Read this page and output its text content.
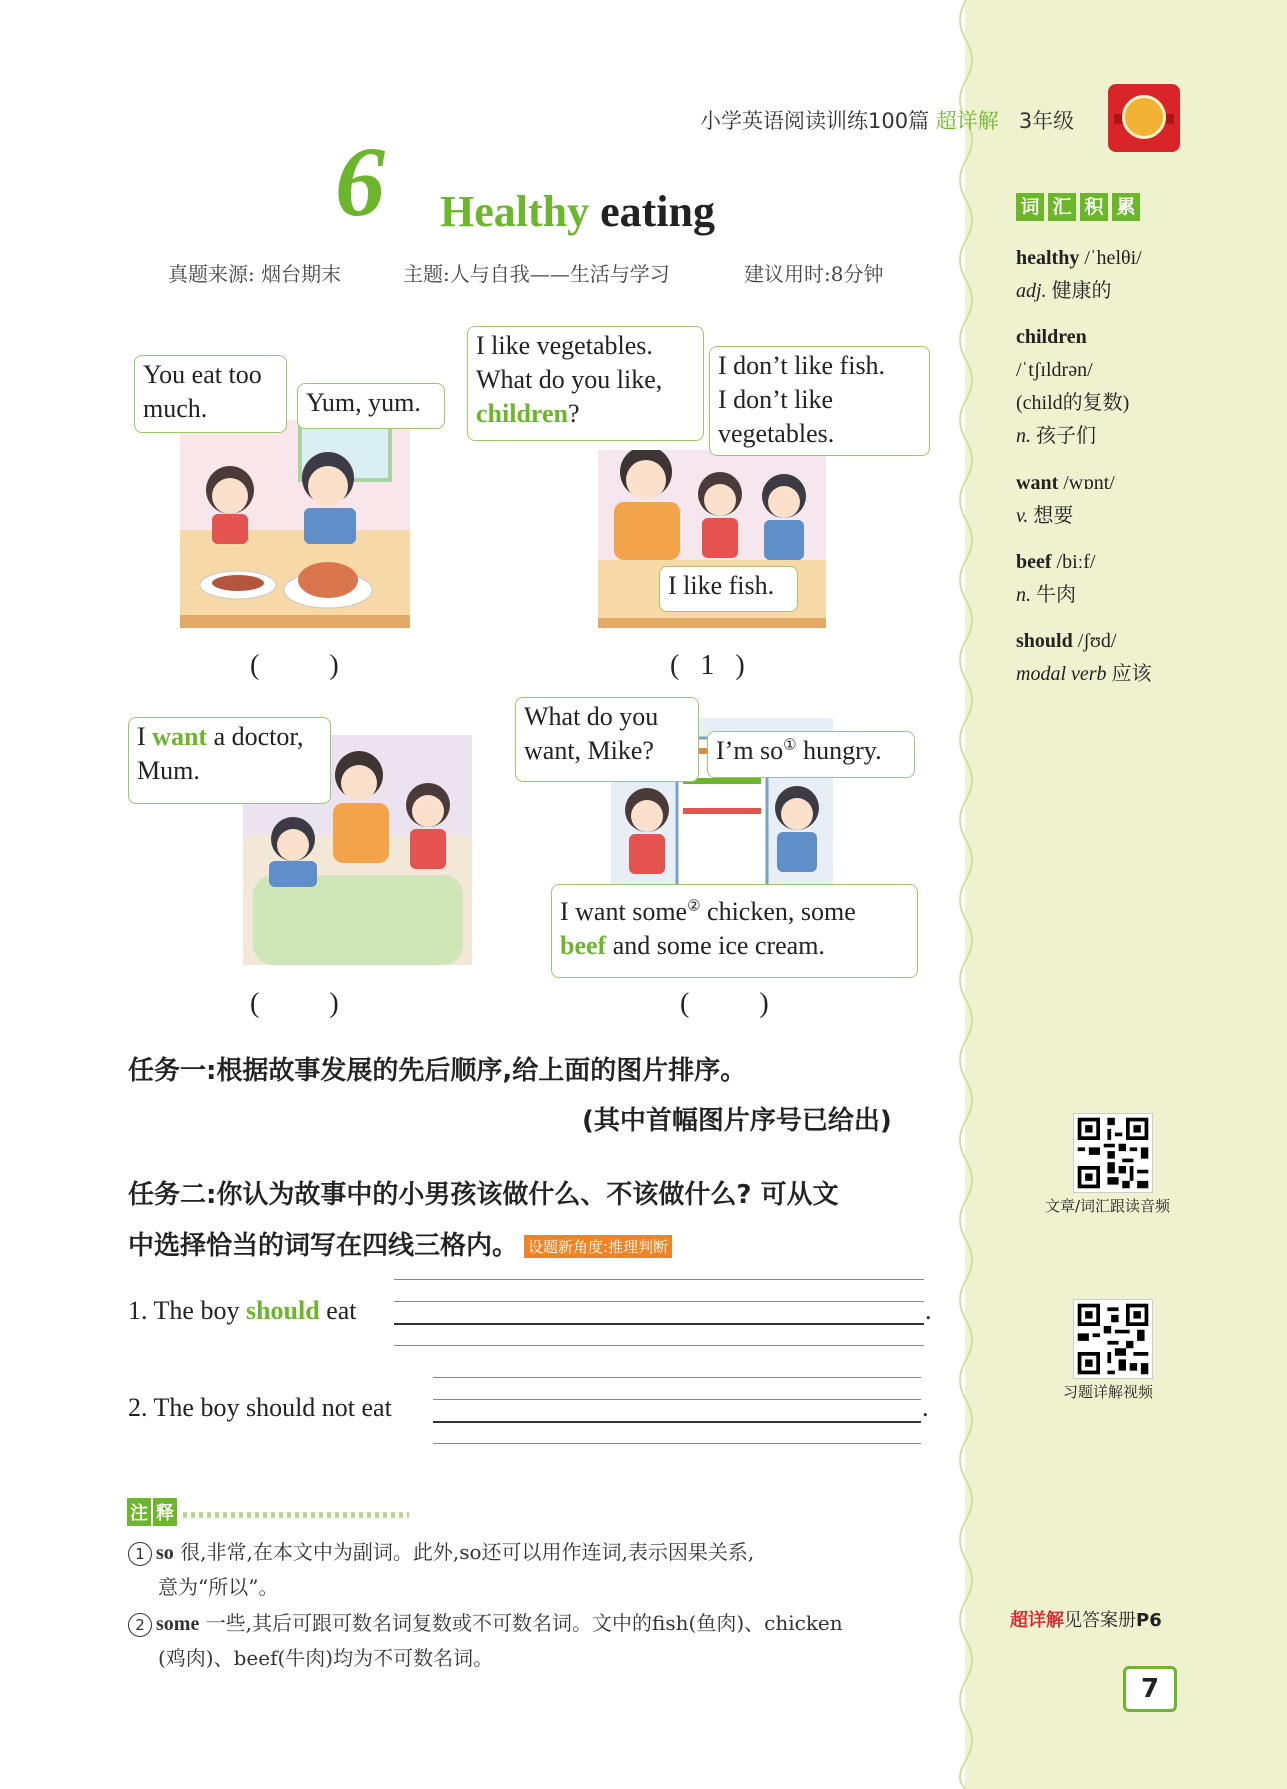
小学英语阅读训练100篇 超详解 3年级
6 Healthy eating
真题来源: 烟台期末	主题:人与自我——生活与学习	建议用时:8分钟
You eat too
much.	Yum, yum.
(          )
I like vegetables.
What do you like,
children?
I don’t like fish.
I don’t like
vegetables.
I like fish.
(   1   )
I want a doctor,
Mum.
(          )
What do you
want, Mike?	I’m so① hungry.
I want some② chicken, some
beef and some ice cream.
(          )
任务一:根据故事发展的先后顺序,给上面的图片排序。
(其中首幅图片序号已给出)
任务二:你认为故事中的小男孩该做什么、不该做什么? 可从文
中选择恰当的词写在四线三格内。 设题新角度:推理判断
1. The boy should eat	.
2. The boy should not eat	.
注 释
1 so 很,非常,在本文中为副词。此外,so还可以用作连词,表示因果关系,
意为“所以”。
2 some 一些,其后可跟可数名词复数或不可数名词。文中的fish(鱼肉)、chicken
(鸡肉)、beef(牛肉)均为不可数名词。
词 汇 积 累
healthy /ˈhelθi/
adj. 健康的
children
/ˈtʃɪldrən/
(child的复数)
n. 孩子们
want /wɒnt/
v. 想要
beef /biːf/
n. 牛肉
should /ʃʊd/
modal verb 应该
文章/词汇跟读音频
习题详解视频
超详解见答案册P6
7
